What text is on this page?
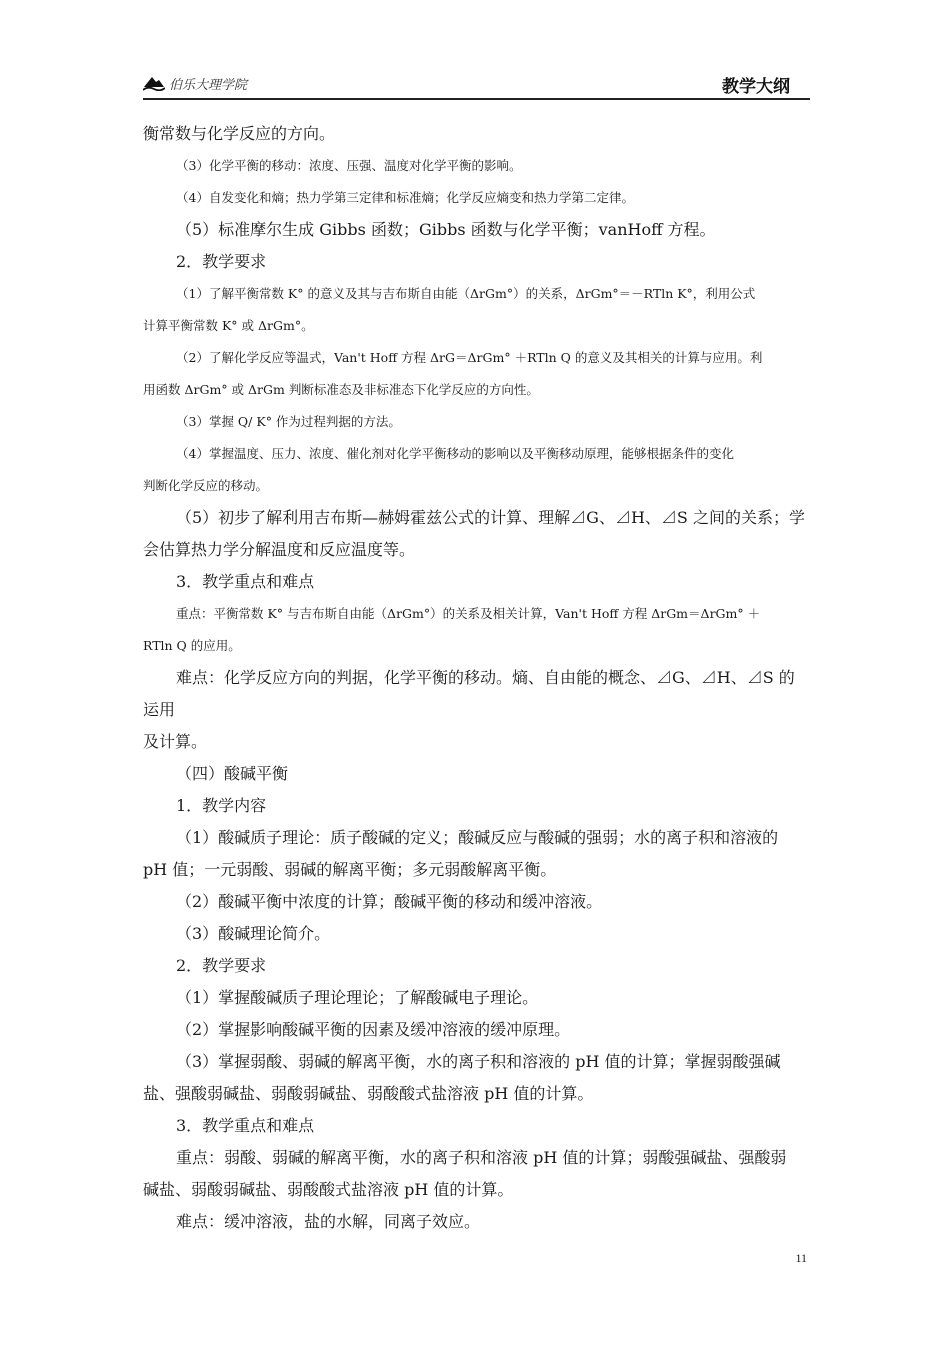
伯乐大理学院	教学大纲

衡常数与化学反应的方向。

（3）化学平衡的移动：浓度、压强、温度对化学平衡的影响。

（4）自发变化和熵；热力学第三定律和标准熵；化学反应熵变和热力学第二定律。

（5）标准摩尔生成 Gibbs 函数；Gibbs 函数与化学平衡；vanHoff 方程。

2．教学要求

（1）了解平衡常数 K° 的意义及其与吉布斯自由能（ΔrGm°）的关系，ΔrGm°＝－RTln K°，利用公式

计算平衡常数 K° 或 ΔrGm°。

（2）了解化学反应等温式，Van't Hoff 方程 ΔrG＝ΔrGm° ＋RTln Q 的意义及其相关的计算与应用。利

用函数 ΔrGm° 或 ΔrGm 判断标准态及非标准态下化学反应的方向性。

（3）掌握 Q/ K° 作为过程判据的方法。

（4）掌握温度、压力、浓度、催化剂对化学平衡移动的影响以及平衡移动原理，能够根据条件的变化

判断化学反应的移动。

（5）初步了解利用吉布斯—赫姆霍兹公式的计算、理解⊿G、⊿H、⊿S 之间的关系；学

会估算热力学分解温度和反应温度等。

3．教学重点和难点

重点：平衡常数 K° 与吉布斯自由能（ΔrGm°）的关系及相关计算，Van't Hoff 方程 ΔrGm＝ΔrGm° ＋

RTln Q 的应用。

难点：化学反应方向的判据，化学平衡的移动。熵、自由能的概念、⊿G、⊿H、⊿S 的运用

及计算。

（四）酸碱平衡

1．教学内容

（1）酸碱质子理论：质子酸碱的定义；酸碱反应与酸碱的强弱；水的离子积和溶液的

pH 值；一元弱酸、弱碱的解离平衡；多元弱酸解离平衡。

（2）酸碱平衡中浓度的计算；酸碱平衡的移动和缓冲溶液。

（3）酸碱理论简介。

2．教学要求

（1）掌握酸碱质子理论理论；了解酸碱电子理论。

（2）掌握影响酸碱平衡的因素及缓冲溶液的缓冲原理。

（3）掌握弱酸、弱碱的解离平衡，水的离子积和溶液的 pH 值的计算；掌握弱酸强碱

盐、强酸弱碱盐、弱酸弱碱盐、弱酸酸式盐溶液 pH 值的计算。

3．教学重点和难点

重点：弱酸、弱碱的解离平衡，水的离子积和溶液 pH 值的计算；弱酸强碱盐、强酸弱

碱盐、弱酸弱碱盐、弱酸酸式盐溶液 pH 值的计算。

难点：缓冲溶液，盐的水解，同离子效应。

11
